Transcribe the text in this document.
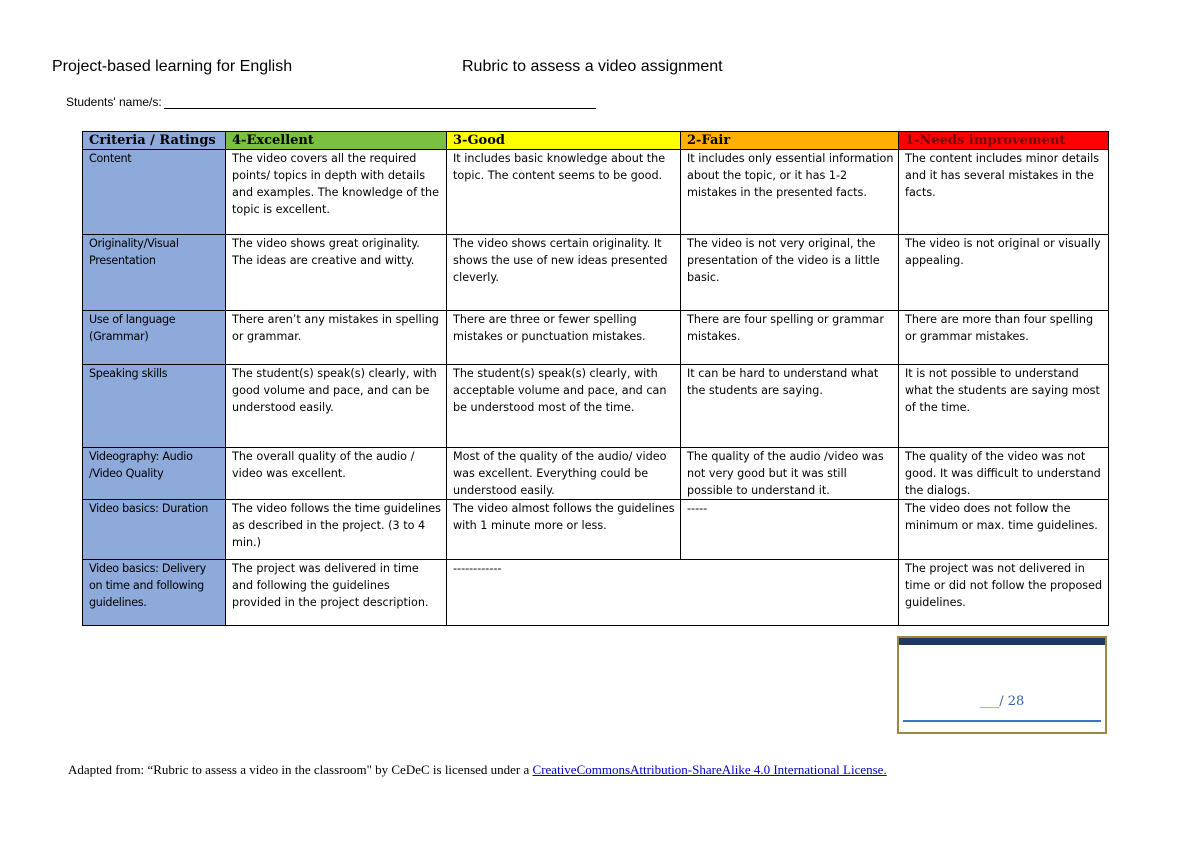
Project-based learning for English	Rubric to assess a video assignment
Students' name/s:
Criteria / Ratings	4-Excellent	3-Good	2-Fair	1-Needs improvement
Content	The video covers all the required points/ topics in depth with details and examples. The knowledge of the topic is excellent.	It includes basic knowledge about the topic. The content seems to be good.	It includes only essential information about the topic, or it has 1-2 mistakes in the presented facts.	The content includes minor details and it has several mistakes in the facts.
Originality/Visual Presentation	The video shows great originality. The ideas are creative and witty.	The video shows certain originality. It shows the use of new ideas presented cleverly.	The video is not very original, the presentation of the video is a little basic.	The video is not original or visually appealing.
Use of language (Grammar)	There aren’t any mistakes in spelling or grammar.	There are three or fewer spelling mistakes or punctuation mistakes.	There are four spelling or grammar mistakes.	There are more than four spelling or grammar mistakes.
Speaking skills	The student(s) speak(s) clearly, with good volume and pace, and can be understood easily.	The student(s) speak(s) clearly, with acceptable volume and pace, and can be understood most of the time.	It can be hard to understand what the students are saying.	It is not possible to understand what the students are saying most of the time.
Videography: Audio /Video Quality	The overall quality of the audio / video was excellent.	Most of the quality of the audio/ video was excellent. Everything could be understood easily.	The quality of the audio /video was not very good but it was still possible to understand it.	The quality of the video was not good. It was difficult to understand the dialogs.
Video basics: Duration	The video follows the time guidelines as described in the project. (3 to 4 min.)	The video almost follows the guidelines with 1 minute more or less.	-----	The video does not follow the minimum or max. time guidelines.
Video basics: Delivery on time and following guidelines.	The project was delivered in time and following the guidelines provided in the project description.	------------		The project was not delivered in time or did not follow the proposed guidelines.
___/ 28
Adapted from: “Rubric to assess a video in the classroom" by CeDeC is licensed under a CreativeCommonsAttribution-ShareAlike 4.0 International License.
